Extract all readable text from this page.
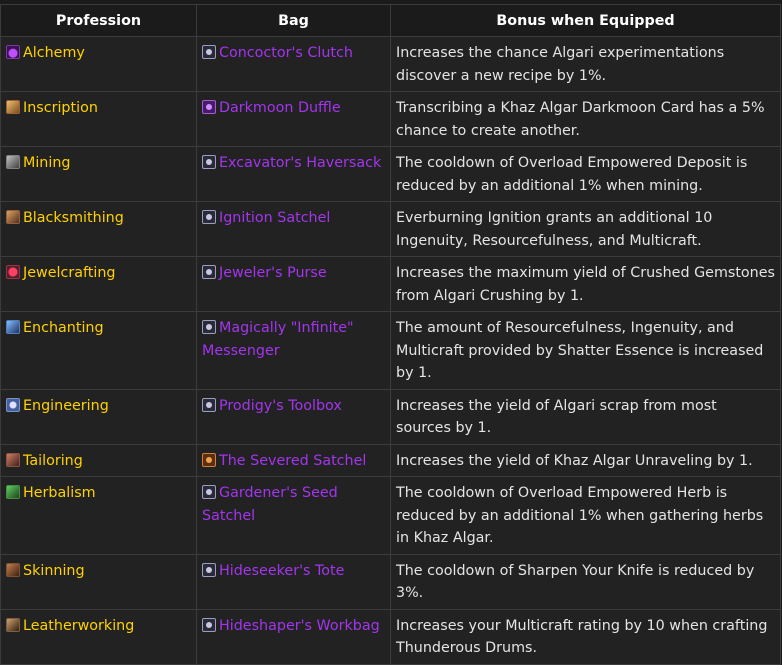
Profession	Bag	Bonus when Equipped
Alchemy	Concoctor's Clutch	Increases the chance Algari experimentations discover a new recipe by 1%.
Inscription	Darkmoon Duffle	Transcribing a Khaz Algar Darkmoon Card has a 5% chance to create another.
Mining	Excavator's Haversack	The cooldown of Overload Empowered Deposit is reduced by an additional 1% when mining.
Blacksmithing	Ignition Satchel	Everburning Ignition grants an additional 10 Ingenuity, Resourcefulness, and Multicraft.
Jewelcrafting	Jeweler's Purse	Increases the maximum yield of Crushed Gemstones from Algari Crushing by 1.
Enchanting	Magically "Infinite" Messenger	The amount of Resourcefulness, Ingenuity, and Multicraft provided by Shatter Essence is increased by 1.
Engineering	Prodigy's Toolbox	Increases the yield of Algari scrap from most sources by 1.
Tailoring	The Severed Satchel	Increases the yield of Khaz Algar Unraveling by 1.
Herbalism	Gardener's Seed Satchel	The cooldown of Overload Empowered Herb is reduced by an additional 1% when gathering herbs in Khaz Algar.
Skinning	Hideseeker's Tote	The cooldown of Sharpen Your Knife is reduced by 3%.
Leatherworking	Hideshaper's Workbag	Increases your Multicraft rating by 10 when crafting Thunderous Drums.
